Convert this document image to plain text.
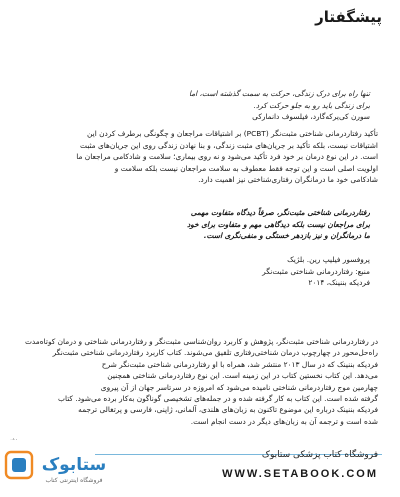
پیشگفتار
تنها راه برای درک زندگی، حرکت به سمت گذشته است، اما
برای زندگی باید رو به جلو حرکت کرد.
سورن کی‌یرکه‌گارد، فیلسوف دانمارکی
تأکید رفتاردرمانی شناختی مثبت‌نگر (PCBT) بر اشتیاقات مراجعان و چگونگی برطرف کردن این
اشتیاقات نیست، بلکه تأکید بر جریان‌های مثبت زندگی، و بنا نهادن زندگی روی این جریان‌های مثبت
است. در این نوع درمان بر خود فرد تأکید می‌شود و نه روی بیماری؛ سلامت و شادکامی مراجعان ما
اولویت اصلی است و این توجه فقط معطوف به سلامت مراجعان نیست بلکه سلامت و
شادکامی خود ما درمانگران رفتاری‌شناختی نیز اهمیت دارد.
رفتاردرمانی شناختی مثبت‌نگر، صرفاً دیدگاه متفاوت مهمی
برای مراجعان نیست بلکه دیدگاهی مهم و متفاوت برای خود
ما درمانگران و نیز بازدهر خستگی و منفی‌نگری است.
پروفسور فیلیپ رین. بلژیک
منبع: رفتاردرمانی شناختی مثبت‌نگر
فردیکه بننینک، ۲۰۱۴
در رفتاردرمانی شناختی مثبت‌نگر، پژوهش و کاربرد روان‌شناسی مثبت‌نگر و رفتاردرمانی شناختی و درمان کوتاه‌مدت
راه‌حل‌محور در چهارچوب درمان شناختی‌رفتاری تلفیق می‌شوند. کتاب کاربرد رفتاردرمانی شناختی مثبت‌نگر
فردیکه بننینک که در سال ۲۰۱۳ منتشر شد، همراه با او رفتاردرمانی شناختی مثبت‌نگر شرح
می‌دهد. این کتاب نخستین کتاب در این زمینه است. این نوع رفتاردرمانی شناختی همچنین
چهارمین موج رفتاردرمانی شناختی نامیده می‌شود که امروزه در سرتاسر جهان از آن پیروی
گرفته شده است. این کتاب به کار گرفته شده و در جمله‌های تشخیصی گوناگون به‌کار برده می‌شود. کتاب
فردیکه بننینک درباره این موضوع تاکنون به زبان‌های هلندی، آلمانی، ژاپنی، فارسی و پرتغالی ترجمه
شده است و ترجمه آن به زبان‌های دیگر در دست انجام است.
ستابوک
فروشگاه اینترنتی کتاب
فروشگاه کتاب پزشکی ستابوک
WWW.SETABOOK.COM
